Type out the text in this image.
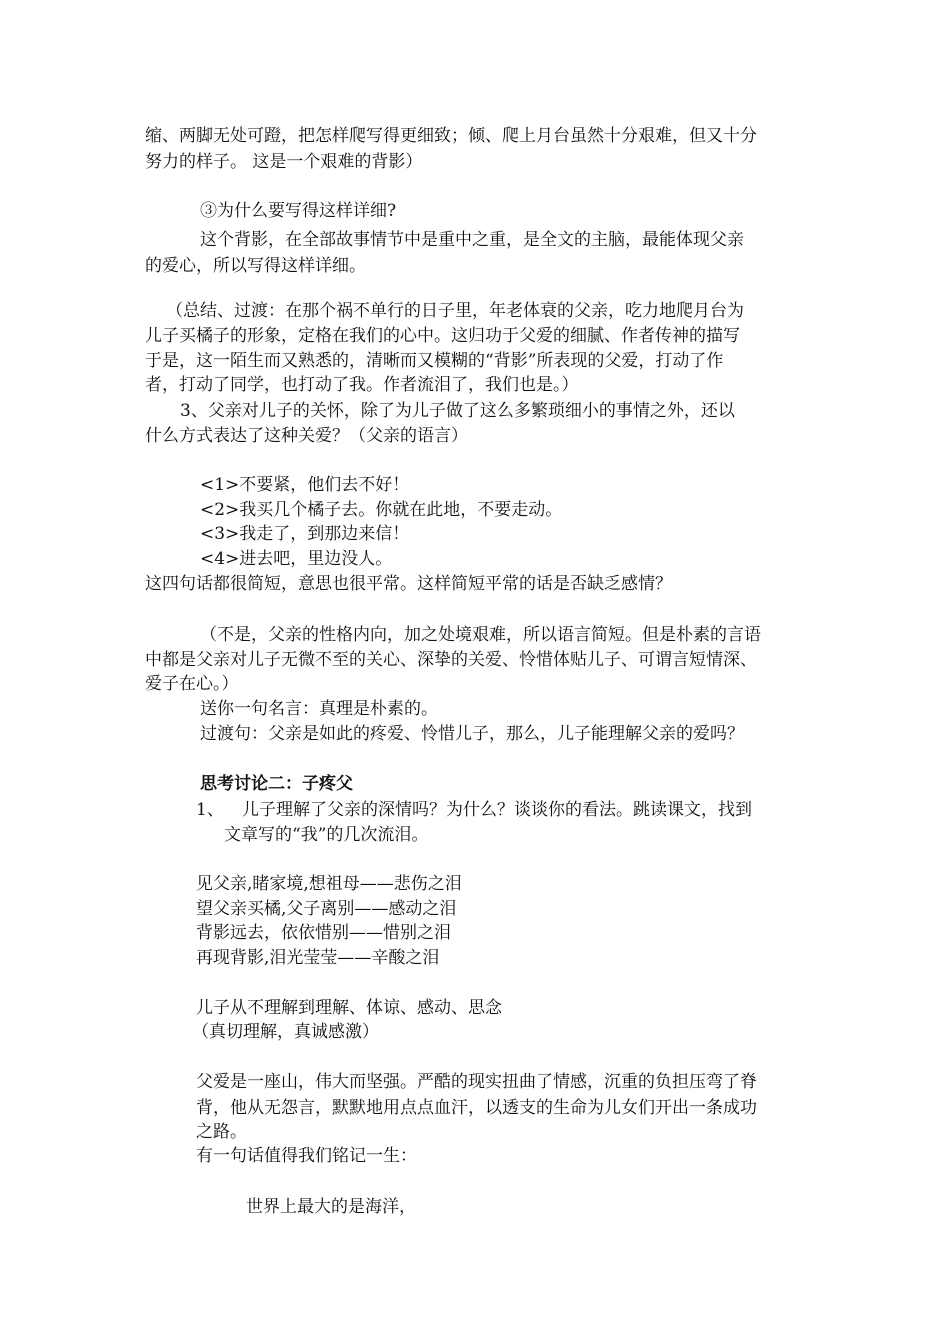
缩、两脚无处可蹬，把怎样爬写得更细致；倾、爬上月台虽然十分艰难，但又十分
努力的样子。 这是一个艰难的背影）
③为什么要写得这样详细?
这个背影，在全部故事情节中是重中之重，是全文的主脑，最能体现父亲
的爱心，所以写得这样详细。
（总结、过渡：在那个祸不单行的日子里，年老体衰的父亲，吃力地爬月台为
儿子买橘子的形象，定格在我们的心中。这归功于父爱的细腻、作者传神的描写
于是，这一陌生而又熟悉的，清晰而又模糊的“背影”所表现的父爱，打动了作
者，打动了同学，也打动了我。作者流泪了，我们也是。）
3、父亲对儿子的关怀，除了为儿子做了这么多繁琐细小的事情之外，还以
什么方式表达了这种关爱？（父亲的语言）
<1>不要紧，他们去不好！
<2>我买几个橘子去。你就在此地，不要走动。
<3>我走了，到那边来信！
<4>进去吧，里边没人。
这四句话都很简短，意思也很平常。这样简短平常的话是否缺乏感情？
（不是，父亲的性格内向，加之处境艰难，所以语言简短。但是朴素的言语
中都是父亲对儿子无微不至的关心、深挚的关爱、怜惜体贴儿子、可谓言短情深、
爱子在心。）
送你一句名言：真理是朴素的。
过渡句：父亲是如此的疼爱、怜惜儿子，那么，儿子能理解父亲的爱吗？
思考讨论二：子疼父
1、 儿子理解了父亲的深情吗？为什么？谈谈你的看法。跳读课文，找到
文章写的“我”的几次流泪。
见父亲,睹家境,想祖母——悲伤之泪
望父亲买橘,父子离别——感动之泪
背影远去，依依惜别——惜别之泪
再现背影,泪光莹莹——辛酸之泪
儿子从不理解到理解、体谅、感动、思念
（真切理解，真诚感激）
父爱是一座山，伟大而坚强。严酷的现实扭曲了情感，沉重的负担压弯了脊
背，他从无怨言，默默地用点点血汗，以透支的生命为儿女们开出一条成功
之路。
有一句话值得我们铭记一生：
世界上最大的是海洋，
